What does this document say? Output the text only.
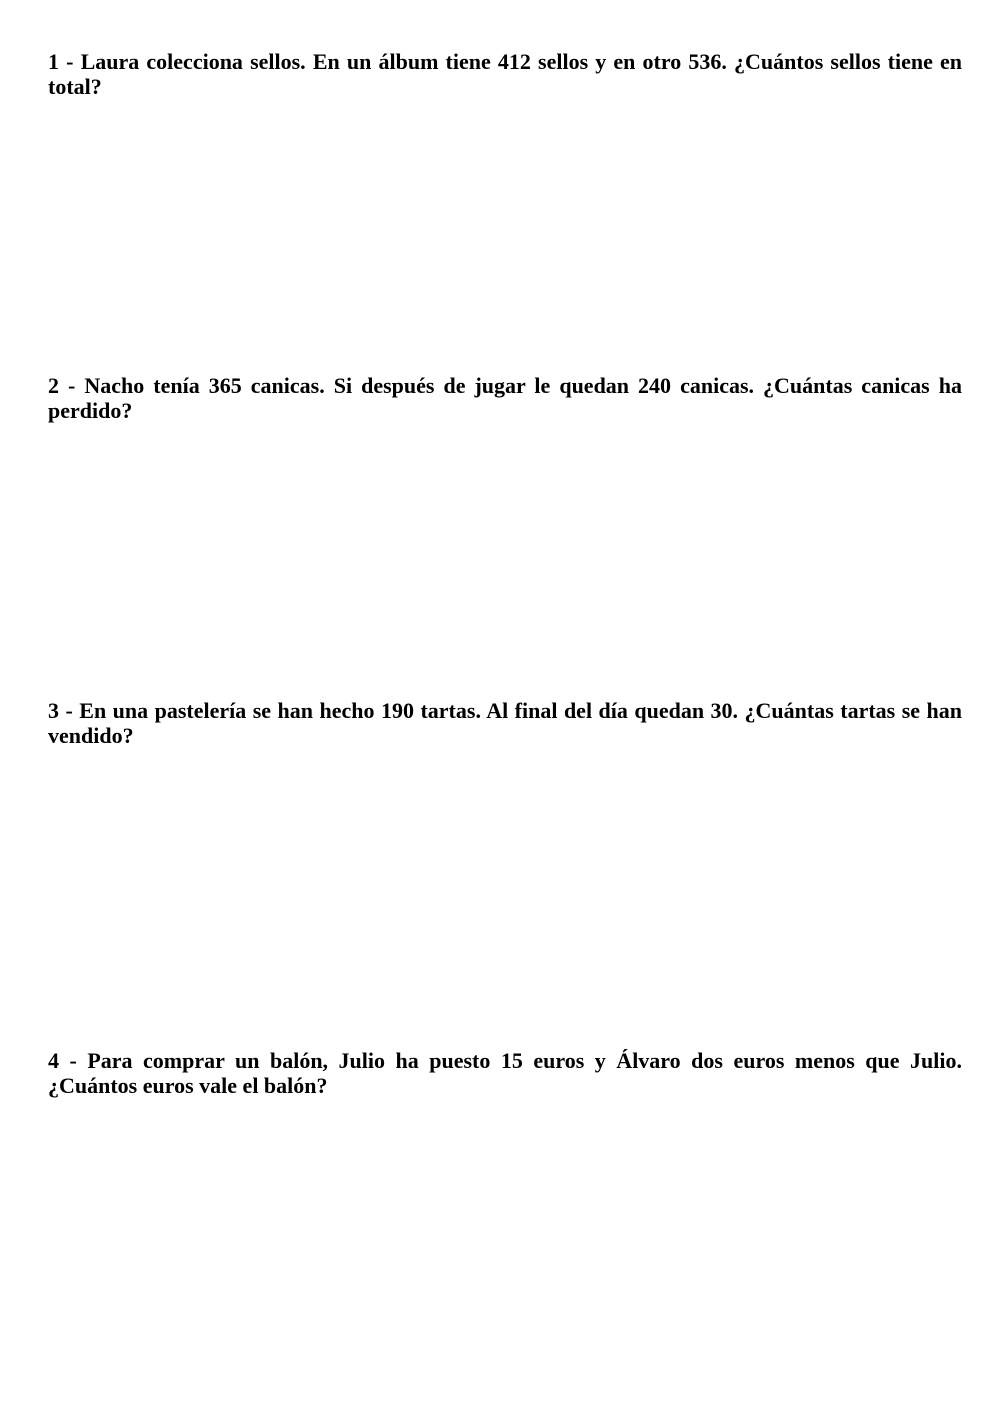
1 - Laura colecciona sellos. En un álbum tiene 412 sellos y en otro 536. ¿Cuántos sellos tiene en total?

2 - Nacho tenía 365 canicas. Si después de jugar le quedan 240 canicas. ¿Cuántas canicas ha perdido?

3 - En una pastelería se han hecho 190 tartas. Al final del día quedan 30. ¿Cuántas tartas se han vendido?

4 - Para comprar un balón, Julio ha puesto 15 euros y Álvaro dos euros menos que Julio. ¿Cuántos euros vale el balón?
